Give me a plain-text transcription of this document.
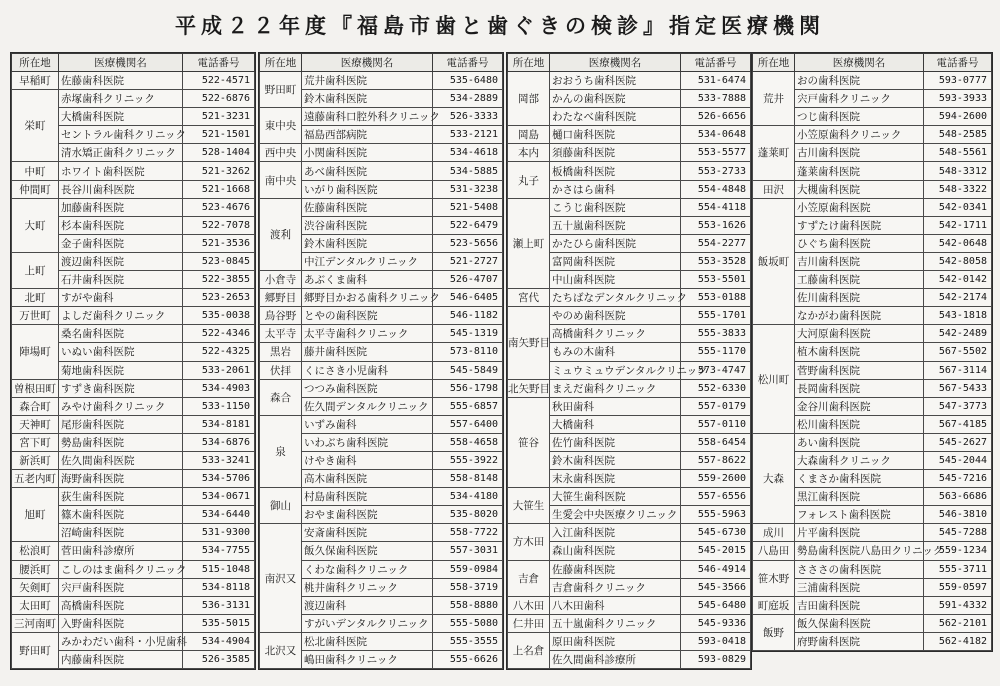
平成２２年度『福島市歯と歯ぐきの検診』指定医療機関
所在地	医療機関名	電話番号
早稲町	佐藤歯科医院	522-4571
栄町	赤塚歯科クリニック	522-6876
	大橋歯科医院	521-3231
	セントラル歯科クリニック	521-1501
	清水矯正歯科クリニック	528-1404
中町	ホワイト歯科医院	521-3262
仲間町	長谷川歯科医院	521-1668
大町	加藤歯科医院	523-4676
	杉本歯科医院	522-7078
	金子歯科医院	521-3536
上町	渡辺歯科医院	523-0845
	石井歯科医院	522-3855
北町	すがや歯科	523-2653
万世町	よしだ歯科クリニック	535-0038
陣場町	桑名歯科医院	522-4346
	いぬい歯科医院	522-4325
	菊地歯科医院	533-2061
曽根田町	すずき歯科医院	534-4903
森合町	みやけ歯科クリニック	533-1150
天神町	尾形歯科医院	534-8181
宮下町	勢島歯科医院	534-6876
新浜町	佐久間歯科医院	533-3241
五老内町	海野歯科医院	534-5706
旭町	荻生歯科医院	534-0671
	篠木歯科医院	534-6440
	沼崎歯科医院	531-9300
松浪町	菅田歯科診療所	534-7755
腰浜町	こしのはま歯科クリニック	515-1048
矢剣町	宍戸歯科医院	534-8118
太田町	高橋歯科医院	536-3131
三河南町	入野歯科医院	535-5015
野田町	みかわだい歯科・小児歯科	534-4904
	内藤歯科医院	526-3585
所在地	医療機関名	電話番号
野田町	荒井歯科医院	535-6480
	鈴木歯科医院	534-2889
東中央	遠藤歯科口腔外科クリニック	526-3333
	福島西部病院	533-2121
西中央	小関歯科医院	534-4618
南中央	あべ歯科医院	534-5885
	いがり歯科医院	531-3238
渡利	佐藤歯科医院	521-5408
	渋谷歯科医院	522-6479
	鈴木歯科医院	523-5656
	中江デンタルクリニック	521-2727
小倉寺	あぶくま歯科	526-4707
郷野目	郷野目かおる歯科クリニック	546-6405
鳥谷野	とやの歯科医院	546-1182
太平寺	太平寺歯科クリニック	545-1319
黒岩	藤井歯科医院	573-8110
伏拝	くにさき小児歯科	545-5849
森合	つつみ歯科医院	556-1798
	佐久間デンタルクリニック	555-6857
泉	いずみ歯科	557-6400
	いわぶち歯科医院	558-4658
	けやき歯科	555-3922
	高木歯科医院	558-8148
御山	村島歯科医院	534-4180
	おやま歯科医院	535-8020
南沢又	安斎歯科医院	558-7722
	飯久保歯科医院	557-3031
	くわな歯科クリニック	559-0984
	桃井歯科クリニック	558-3719
	渡辺歯科	558-8880
	すがいデンタルクリニック	555-5080
北沢又	松北歯科医院	555-3555
	嶋田歯科クリニック	555-6626
所在地	医療機関名	電話番号
岡部	おおうち歯科医院	531-6474
	かんの歯科医院	533-7888
	わたなべ歯科医院	526-6656
岡島	樋口歯科医院	534-0648
本内	須藤歯科医院	553-5577
丸子	板橋歯科医院	553-2733
	かさはら歯科	554-4848
瀬上町	こうじ歯科医院	554-4118
	五十嵐歯科医院	553-1626
	かたひら歯科医院	554-2277
	富岡歯科医院	553-3528
	中山歯科医院	553-5501
宮代	たちばなデンタルクリニック	553-0188
南矢野目	やのめ歯科医院	555-1701
	高橋歯科クリニック	555-3833
	もみの木歯科	555-1170
	ミュウミュウデンタルクリニック	573-4747
北矢野目	まえだ歯科クリニック	552-6330
笹谷	秋田歯科	557-0179
	大橋歯科	557-0110
	佐竹歯科医院	558-6454
	鈴木歯科医院	557-8622
	末永歯科医院	559-2600
大笹生	大笹生歯科医院	557-6556
	生愛会中央医療クリニック	555-5963
方木田	入江歯科医院	545-6730
	森山歯科医院	545-2015
吉倉	佐藤歯科医院	546-4914
	吉倉歯科クリニック	545-3566
八木田	八木田歯科	545-6480
仁井田	五十嵐歯科クリニック	545-9336
上名倉	原田歯科医院	593-0418
	佐久間歯科診療所	593-0829
所在地	医療機関名	電話番号
荒井	おの歯科医院	593-0777
	宍戸歯科クリニック	593-3933
	つじ歯科医院	594-2600
蓬莱町	小笠原歯科クリニック	548-2585
	古川歯科医院	548-5561
	蓬莱歯科医院	548-3312
田沢	大槻歯科医院	548-3322
飯坂町	小笠原歯科医院	542-0341
	すずたけ歯科医院	542-1711
	ひぐち歯科医院	542-0648
	吉川歯科医院	542-8058
	工藤歯科医院	542-0142
	佐川歯科医院	542-2174
	なかがわ歯科医院	543-1818
松川町	大河原歯科医院	542-2489
	植木歯科医院	567-5502
	菅野歯科医院	567-3114
	長岡歯科医院	567-5433
	金谷川歯科医院	547-3773
	松川歯科医院	567-4185
大森	あい歯科医院	545-2627
	大森歯科クリニック	545-2044
	くまさか歯科医院	545-7216
	黒江歯科医院	563-6686
	フォレスト歯科医院	546-3810
成川	片平歯科医院	545-7288
八島田	勢島歯科医院八島田クリニック	559-1234
笹木野	さささの歯科医院	555-3711
	三浦歯科医院	559-0597
町庭坂	吉田歯科医院	591-4332
飯野	飯久保歯科医院	562-2101
	府野歯科医院	562-4182
